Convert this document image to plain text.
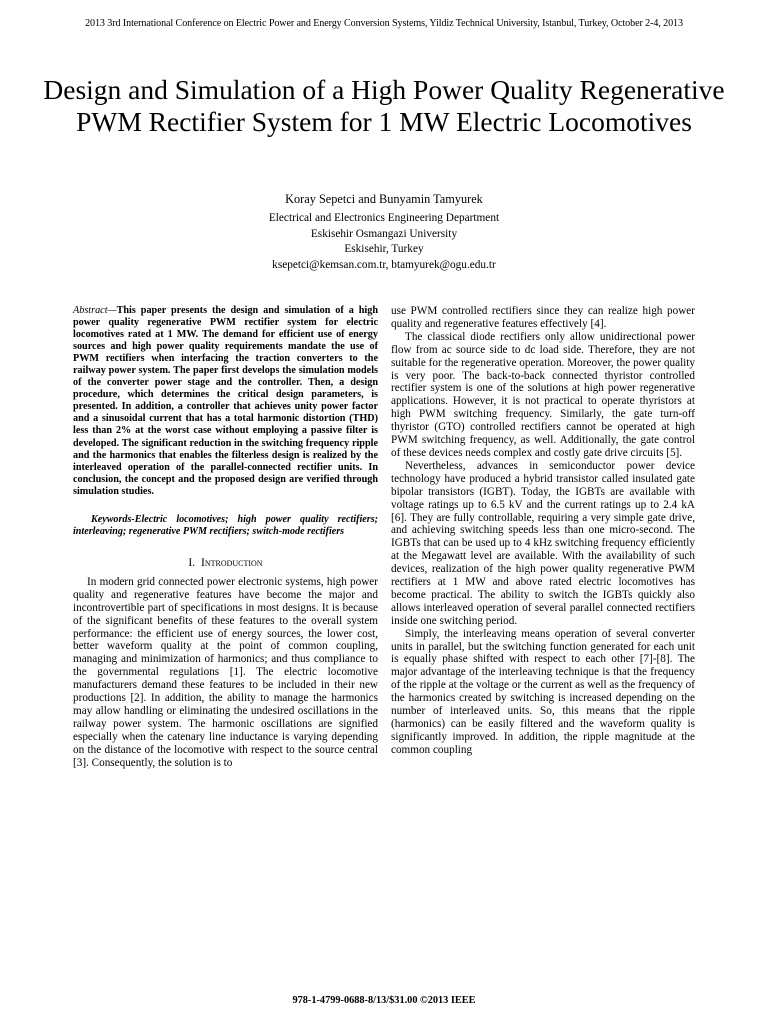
2013 3rd International Conference on Electric Power and Energy Conversion Systems, Yildiz Technical University, Istanbul, Turkey, October 2-4, 2013
Design and Simulation of a High Power Quality Regenerative PWM Rectifier System for 1 MW Electric Locomotives
Koray Sepetci and Bunyamin Tamyurek
Electrical and Electronics Engineering Department
Eskisehir Osmangazi University
Eskisehir, Turkey
ksepetci@kemsan.com.tr, btamyurek@ogu.edu.tr

Abstract—This paper presents the design and simulation of a high power quality regenerative PWM rectifier system for electric locomotives rated at 1 MW. The demand for efficient use of energy sources and high power quality requirements mandate the use of PWM rectifiers when interfacing the traction converters to the railway power system. The paper first develops the simulation models of the converter power stage and the controller. Then, a design procedure, which determines the critical design parameters, is presented. In addition, a controller that achieves unity power factor and a sinusoidal current that has a total harmonic distortion (THD) less than 2% at the worst case without employing a passive filter is developed. The significant reduction in the switching frequency ripple and the harmonics that enables the filterless design is realized by the interleaved operation of the parallel-connected rectifier units. In conclusion, the concept and the proposed design are verified through simulation studies.

Keywords-Electric locomotives; high power quality rectifiers; interleaving; regenerative PWM rectifiers; switch-mode rectifiers

I. Introduction

In modern grid connected power electronic systems, high power quality and regenerative features have become the major and incontrovertible part of specifications in most designs. It is because of the significant benefits of these features to the overall system performance: the efficient use of energy sources, the lower cost, better waveform quality at the point of common coupling, managing and minimization of harmonics; and thus compliance to the governmental regulations [1]. The electric locomotive manufacturers demand these features to be included in their new productions [2]. In addition, the ability to manage the harmonics may allow handling or eliminating the undesired oscillations in the railway power system. The harmonic oscillations are signified especially when the catenary line inductance is varying depending on the distance of the locomotive with respect to the source central [3]. Consequently, the solution is to

use PWM controlled rectifiers since they can realize high power quality and regenerative features effectively [4].

The classical diode rectifiers only allow unidirectional power flow from ac source side to dc load side. Therefore, they are not suitable for the regenerative operation. Moreover, the power quality is very poor. The back-to-back connected thyristor controlled rectifier system is one of the solutions at high power regenerative applications. However, it is not practical to operate thyristors at high PWM switching frequency. Similarly, the gate turn-off thyristor (GTO) controlled rectifiers cannot be operated at high PWM switching frequency, as well. Additionally, the gate control of these devices needs complex and costly gate drive circuits [5].

Nevertheless, advances in semiconductor power device technology have produced a hybrid transistor called insulated gate bipolar transistors (IGBT). Today, the IGBTs are available with voltage ratings up to 6.5 kV and the current ratings up to 2.4 kA [6]. They are fully controllable, requiring a very simple gate drive, and achieving switching speeds less than one micro-second. The IGBTs that can be used up to 4 kHz switching frequency efficiently at the Megawatt level are available. With the availability of such devices, realization of the high power quality regenerative PWM rectifiers at 1 MW and above rated electric locomotives has become practical. The ability to switch the IGBTs quickly also allows interleaved operation of several parallel connected rectifiers inside one switching period.

Simply, the interleaving means operation of several converter units in parallel, but the switching function generated for each unit is equally phase shifted with respect to each other [7]-[8]. The major advantage of the interleaving technique is that the frequency of the ripple at the voltage or the current as well as the frequency of the harmonics created by switching is increased depending on the number of interleaved units. So, this means that the ripple (harmonics) can be easily filtered and the waveform quality is significantly improved. In addition, the ripple magnitude at the common coupling

978-1-4799-0688-8/13/$31.00 ©2013 IEEE
